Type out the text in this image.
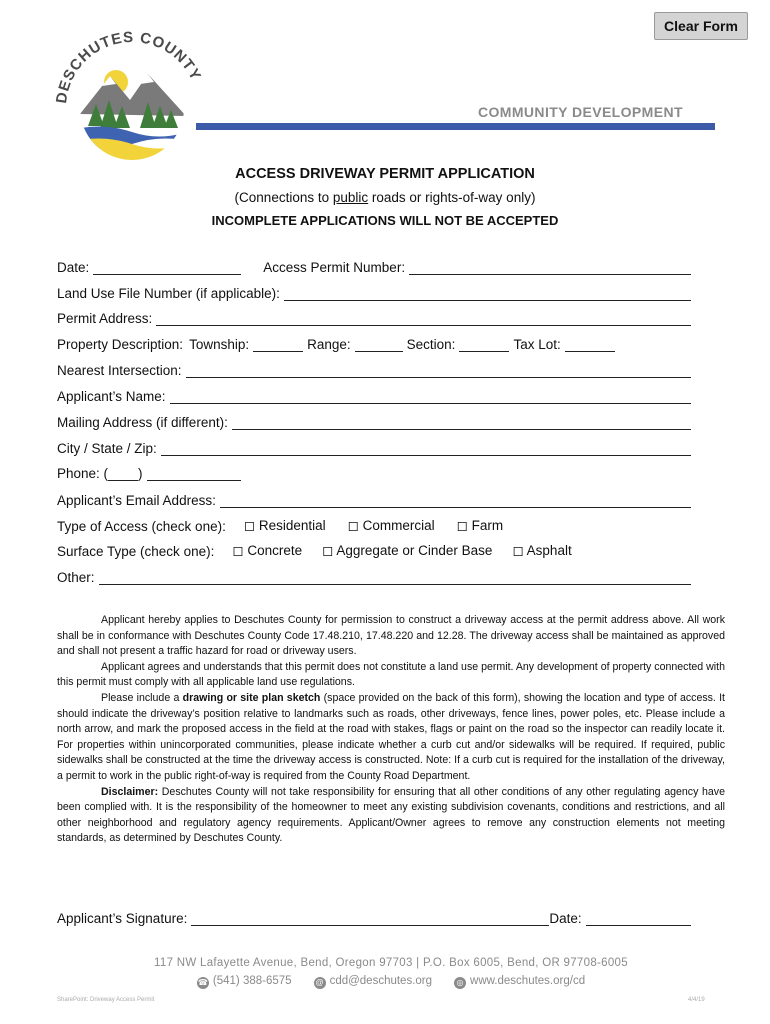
Clear Form
DESCHUTES COUNTY
COMMUNITY DEVELOPMENT
ACCESS DRIVEWAY PERMIT APPLICATION
(Connections to public roads or rights-of-way only)
INCOMPLETE APPLICATIONS WILL NOT BE ACCEPTED
Date:	Access Permit Number:
Land Use File Number (if applicable):
Permit Address:
Property Description: Township:	Range:	Section:	Tax Lot:
Nearest Intersection:
Applicant’s Name:
Mailing Address (if different):
City / State / Zip:
Phone: ( )
Applicant’s Email Address:
Type of Access (check one): ◻ Residential ◻ Commercial ◻ Farm
Surface Type (check one): ◻ Concrete ◻ Aggregate or Cinder Base ◻ Asphalt
Other:

Applicant hereby applies to Deschutes County for permission to construct a driveway access at the permit address above. All work shall be in conformance with Deschutes County Code 17.48.210, 17.48.220 and 12.28. The driveway access shall be maintained as approved and shall not present a traffic hazard for road or driveway users.

Applicant agrees and understands that this permit does not constitute a land use permit. Any development of property connected with this permit must comply with all applicable land use regulations.

Please include a drawing or site plan sketch (space provided on the back of this form), showing the location and type of access. It should indicate the driveway’s position relative to landmarks such as roads, other driveways, fence lines, power poles, etc. Please include a north arrow, and mark the proposed access in the field at the road with stakes, flags or paint on the road so the inspector can readily locate it. For properties within unincorporated communities, please indicate whether a curb cut and/or sidewalks will be required. If required, public sidewalks shall be constructed at the time the driveway access is constructed. Note: If a curb cut is required for the installation of the driveway, a permit to work in the public right-of-way is required from the County Road Department.

Disclaimer: Deschutes County will not take responsibility for ensuring that all other conditions of any other regulating agency have been complied with. It is the responsibility of the homeowner to meet any existing subdivision covenants, conditions and restrictions, and all other neighborhood and regulatory agency requirements. Applicant/Owner agrees to remove any construction elements not meeting standards, as determined by Deschutes County.

Applicant’s Signature:	Date:
117 NW Lafayette Avenue, Bend, Oregon 97703 | P.O. Box 6005, Bend, OR 97708-6005
☎ (541) 388-6575	@ cdd@deschutes.org	◎ www.deschutes.org/cd
SharePoint: Driveway Access Permit	4/4/19
